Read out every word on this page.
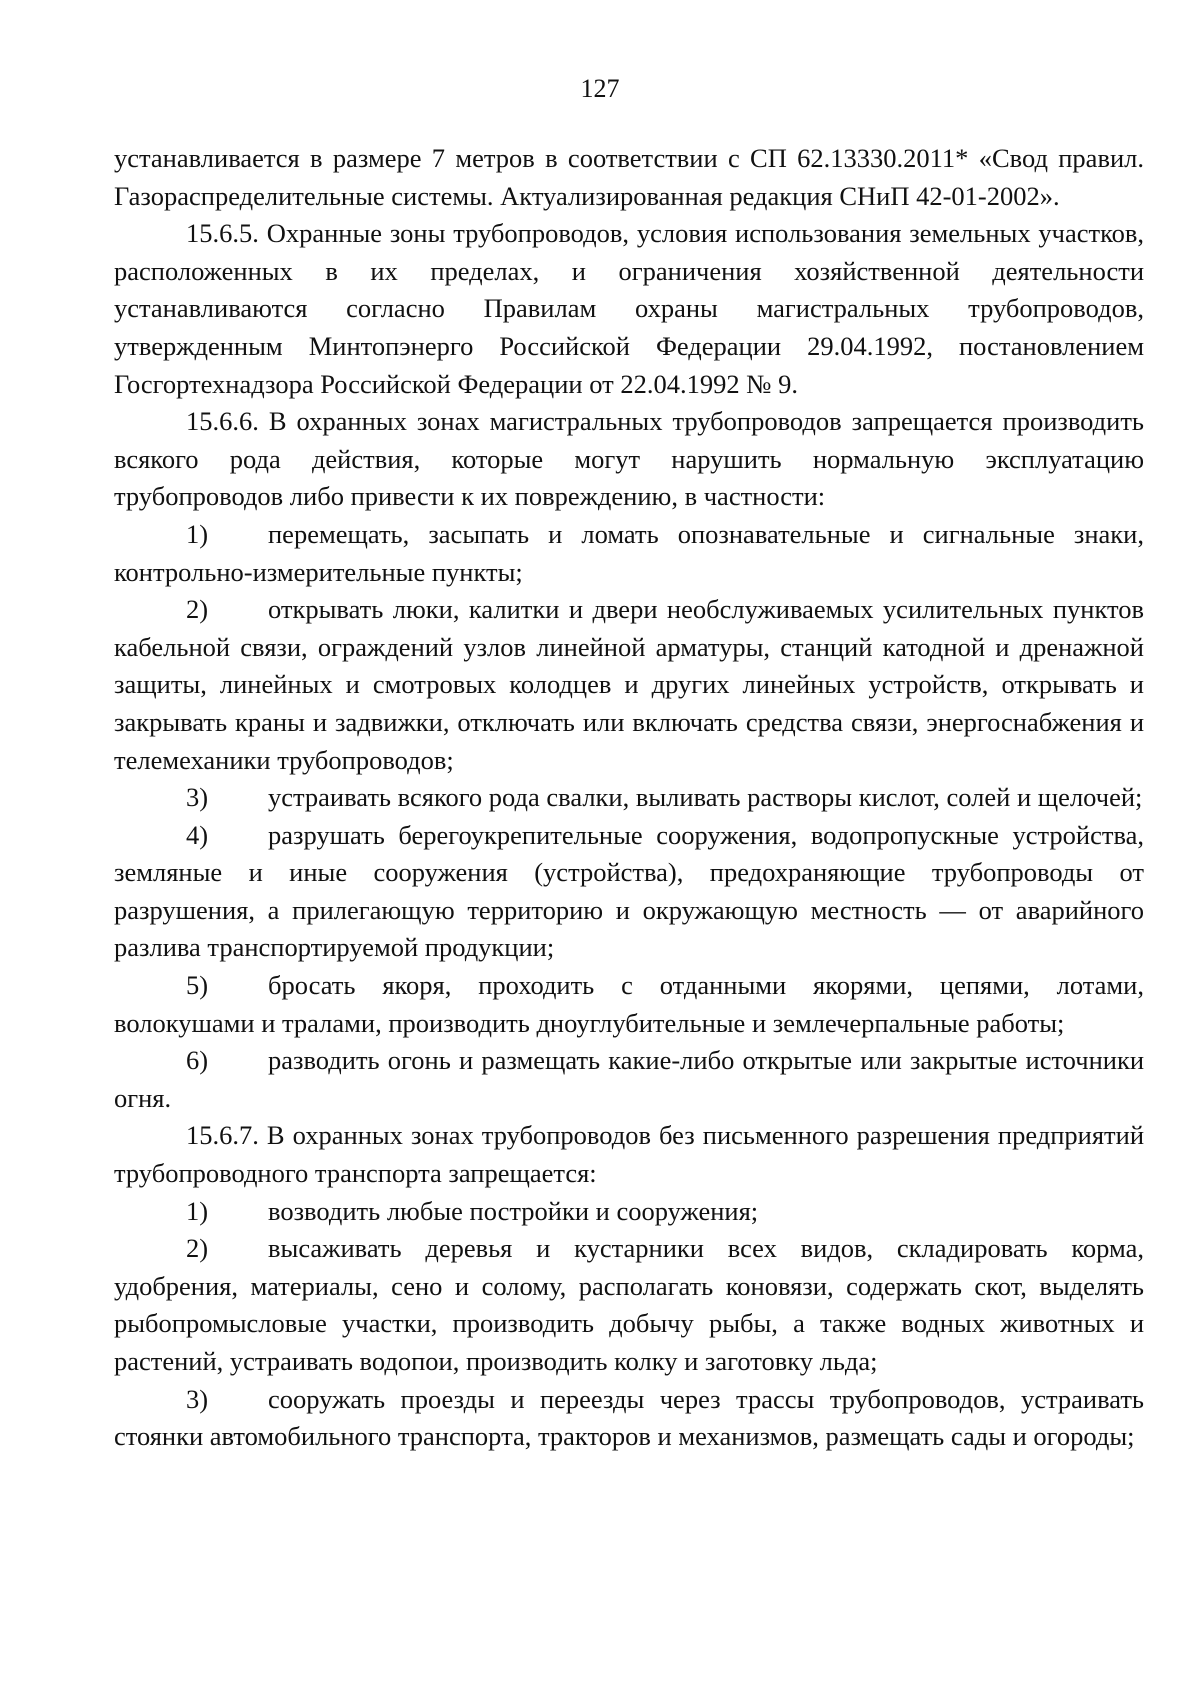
127

устанавливается в размере 7 метров в соответствии с СП 62.13330.2011* «Свод правил. Газораспределительные системы. Актуализированная редакция СНиП 42-01-2002».

15.6.5. Охранные зоны трубопроводов, условия использования земельных участков, расположенных в их пределах, и ограничения хозяйственной деятельности устанавливаются согласно Правилам охраны магистральных трубопроводов, утвержденным Минтопэнерго Российской Федерации 29.04.1992, постановлением Госгортехнадзора Российской Федерации от 22.04.1992 № 9.

15.6.6. В охранных зонах магистральных трубопроводов запрещается производить всякого рода действия, которые могут нарушить нормальную эксплуатацию трубопроводов либо привести к их повреждению, в частности:

1) перемещать, засыпать и ломать опознавательные и сигнальные знаки, контрольно-измерительные пункты;

2) открывать люки, калитки и двери необслуживаемых усилительных пунктов кабельной связи, ограждений узлов линейной арматуры, станций катодной и дренажной защиты, линейных и смотровых колодцев и других линейных устройств, открывать и закрывать краны и задвижки, отключать или включать средства связи, энергоснабжения и телемеханики трубопроводов;

3) устраивать всякого рода свалки, выливать растворы кислот, солей и щелочей;

4) разрушать берегоукрепительные сооружения, водопропускные устройства, земляные и иные сооружения (устройства), предохраняющие трубопроводы от разрушения, а прилегающую территорию и окружающую местность — от аварийного разлива транспортируемой продукции;

5) бросать якоря, проходить с отданными якорями, цепями, лотами, волокушами и тралами, производить дноуглубительные и землечерпальные работы;

6) разводить огонь и размещать какие-либо открытые или закрытые источники огня.

15.6.7. В охранных зонах трубопроводов без письменного разрешения предприятий трубопроводного транспорта запрещается:

1) возводить любые постройки и сооружения;

2) высаживать деревья и кустарники всех видов, складировать корма, удобрения, материалы, сено и солому, располагать коновязи, содержать скот, выделять рыбопромысловые участки, производить добычу рыбы, а также водных животных и растений, устраивать водопои, производить колку и заготовку льда;

3) сооружать проезды и переезды через трассы трубопроводов, устраивать стоянки автомобильного транспорта, тракторов и механизмов, размещать сады и огороды;
